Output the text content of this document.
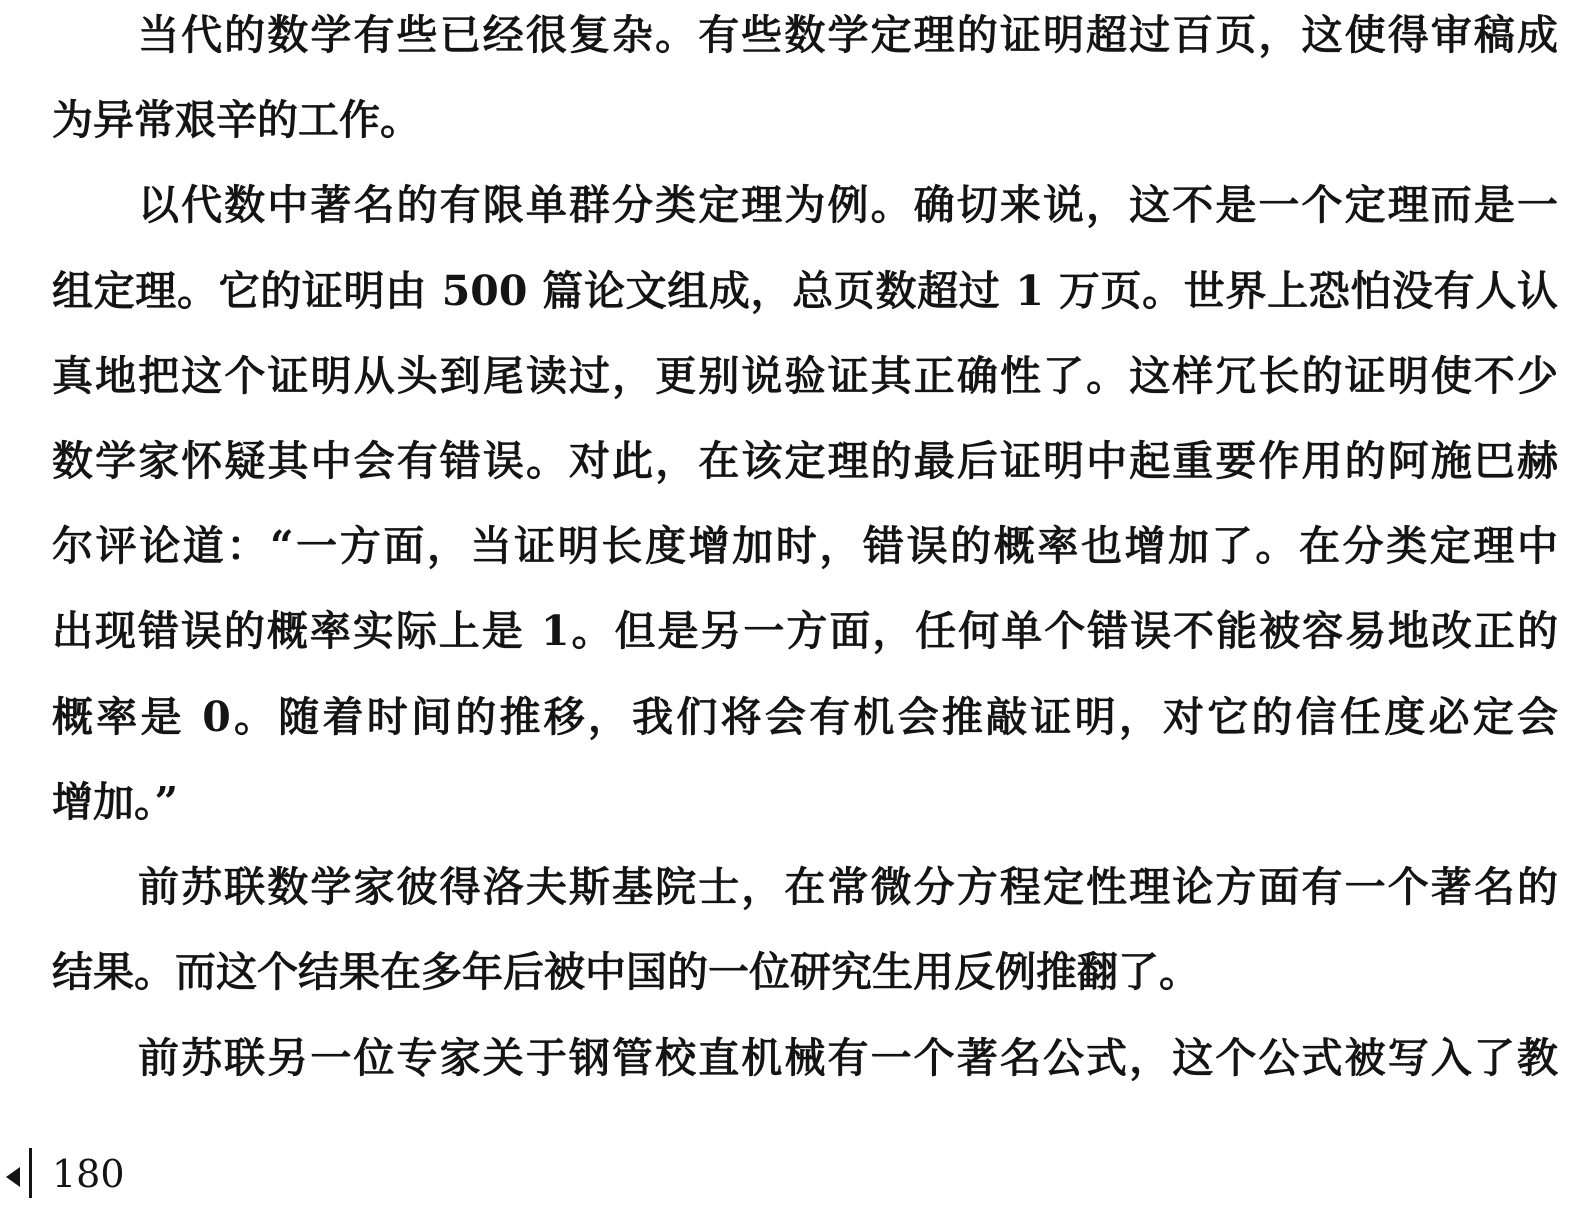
当代的数学有些已经很复杂。有些数学定理的证明超过百页，这使得审稿成
为异常艰辛的工作。
以代数中著名的有限单群分类定理为例。确切来说，这不是一个定理而是一
组定理。它的证明由 500 篇论文组成，总页数超过 1 万页。世界上恐怕没有人认
真地把这个证明从头到尾读过，更别说验证其正确性了。这样冗长的证明使不少
数学家怀疑其中会有错误。对此，在该定理的最后证明中起重要作用的阿施巴赫
尔评论道：“一方面，当证明长度增加时，错误的概率也增加了。在分类定理中
出现错误的概率实际上是 1。但是另一方面，任何单个错误不能被容易地改正的
概率是 0。随着时间的推移，我们将会有机会推敲证明，对它的信任度必定会
增加。”
前苏联数学家彼得洛夫斯基院士，在常微分方程定性理论方面有一个著名的
结果。而这个结果在多年后被中国的一位研究生用反例推翻了。
前苏联另一位专家关于钢管校直机械有一个著名公式，这个公式被写入了教
180
